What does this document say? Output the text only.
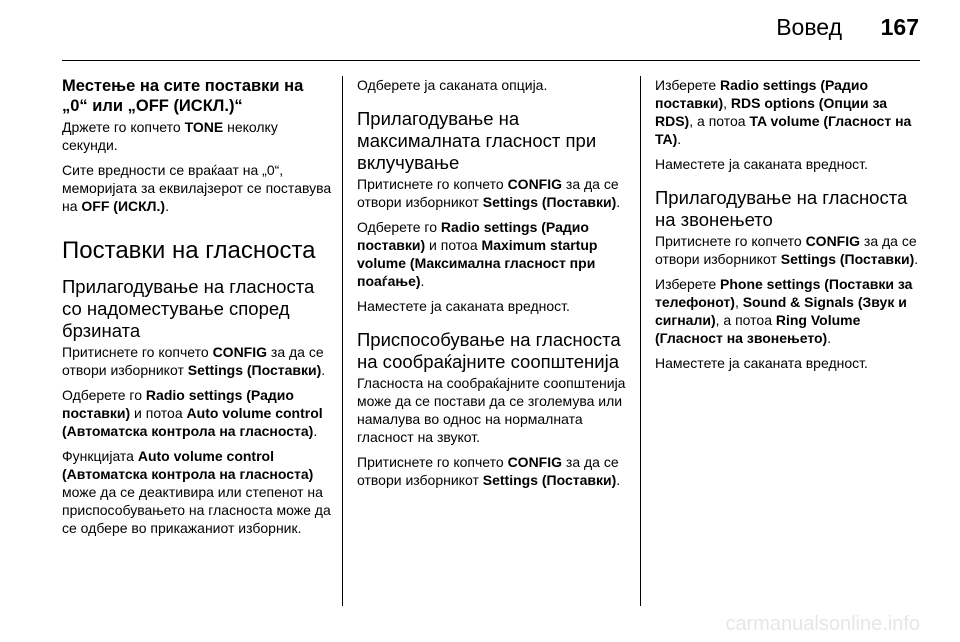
Вовед 167
Местење на сите поставки на „0“ или „OFF (ИСКЛ.)“
Држете го копчето TONE неколку секунди.
Сите вредности се враќаат на „0“, меморијата за еквилајзерот се поставува на OFF (ИСКЛ.).
Поставки на гласноста
Прилагодување на гласноста со надоместување според брзината
Притиснете го копчето CONFIG за да се отвори изборникот Settings (Поставки).
Одберете го Radio settings (Радио поставки) и потоа Auto volume control (Автоматска контрола на гласноста).
Функцијата Auto volume control (Автоматска контрола на гласноста) може да се деактивира или степенот на приспособувањето на гласноста може да се одбере во прикажаниот изборник.
Одберете ја саканата опција.
Прилагодување на максималната гласност при вклучување
Притиснете го копчето CONFIG за да се отвори изборникот Settings (Поставки).
Одберете го Radio settings (Радио поставки) и потоа Maximum startup volume (Максимална гласност при поаѓање).
Наместете ја саканата вредност.
Приспособување на гласноста на сообраќајните соопштенија
Гласноста на сообраќајните соопштенија може да се постави да се зголемува или намалува во однос на нормалната гласност на звукот.
Притиснете го копчето CONFIG за да се отвори изборникот Settings (Поставки).
Изберете Radio settings (Радио поставки), RDS options (Опции за RDS), а потоа TA volume (Гласност на TA).
Наместете ја саканата вредност.
Прилагодување на гласноста на звонењето
Притиснете го копчето CONFIG за да се отвори изборникот Settings (Поставки).
Изберете Phone settings (Поставки за телефонот), Sound & Signals (Звук и сигнали), а потоа Ring Volume (Гласност на звонењето).
Наместете ја саканата вредност.
carmanualsonline.info
